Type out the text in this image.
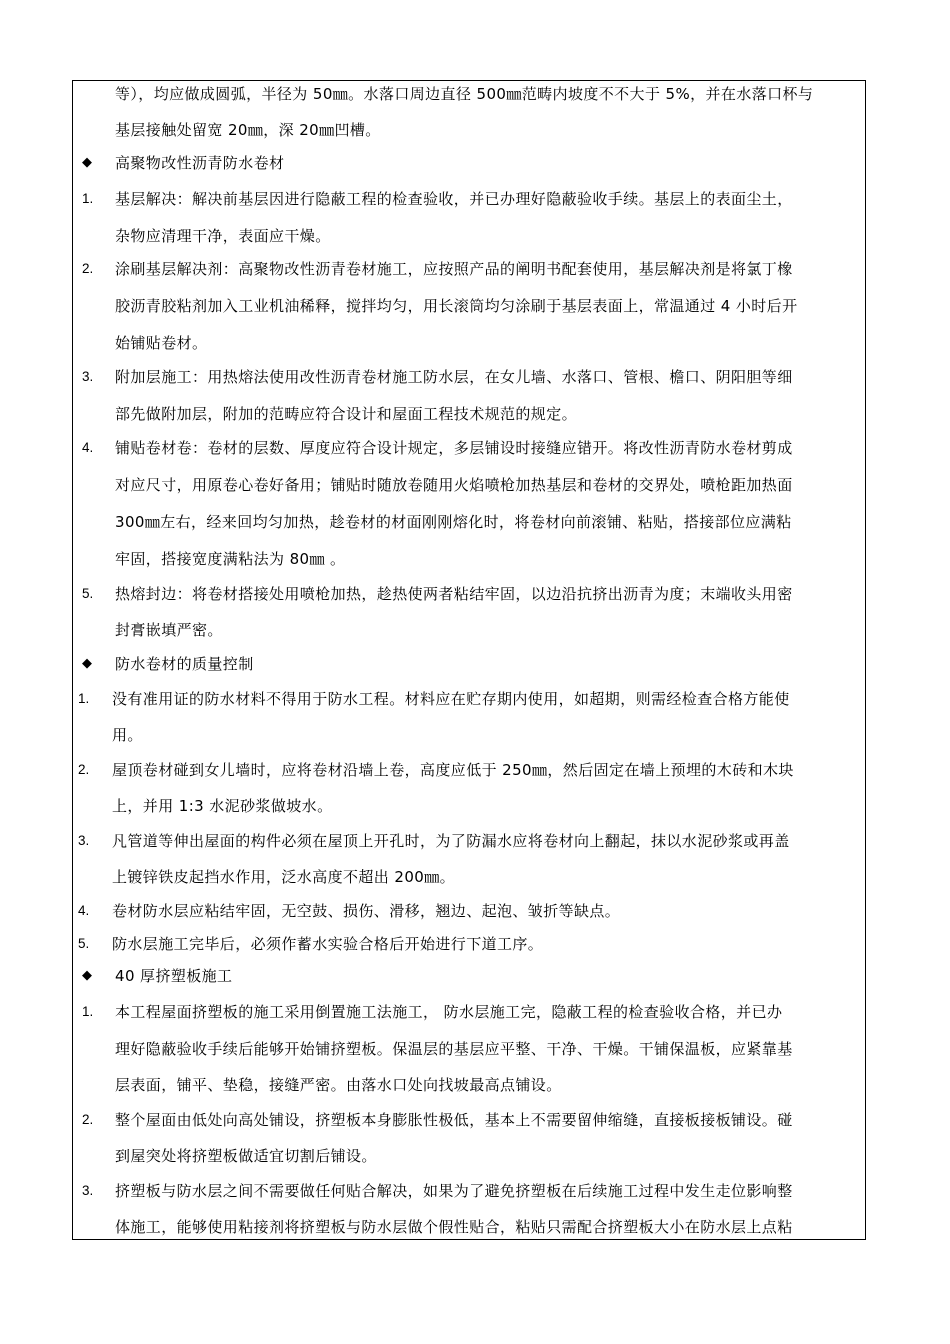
等），均应做成圆弧，半径为 50㎜。水落口周边直径 500㎜范畴内坡度不不大于 5%，并在水落口杯与
基层接触处留宽 20㎜，深 20㎜凹槽。
◆ 高聚物改性沥青防水卷材
1. 基层解决：解决前基层因进行隐蔽工程的检查验收，并已办理好隐蔽验收手续。基层上的表面尘土，
杂物应清理干净，表面应干燥。
2. 涂刷基层解决剂：高聚物改性沥青卷材施工，应按照产品的阐明书配套使用，基层解决剂是将氯丁橡
胶沥青胶粘剂加入工业机油稀释，搅拌均匀，用长滚筒均匀涂刷于基层表面上，常温通过 4 小时后开
始铺贴卷材。
3. 附加层施工：用热熔法使用改性沥青卷材施工防水层，在女儿墙、水落口、管根、檐口、阴阳胆等细
部先做附加层，附加的范畴应符合设计和屋面工程技术规范的规定。
4. 铺贴卷材卷：卷材的层数、厚度应符合设计规定，多层铺设时接缝应错开。将改性沥青防水卷材剪成
对应尺寸，用原卷心卷好备用；铺贴时随放卷随用火焰喷枪加热基层和卷材的交界处，喷枪距加热面
300㎜左右，经来回均匀加热，趁卷材的材面刚刚熔化时，将卷材向前滚铺、粘贴，搭接部位应满粘
牢固，搭接宽度满粘法为 80㎜ 。
5. 热熔封边：将卷材搭接处用喷枪加热，趁热使两者粘结牢固，以边沿抗挤出沥青为度；末端收头用密
封膏嵌填严密。
◆ 防水卷材的质量控制
1. 没有准用证的防水材料不得用于防水工程。材料应在贮存期内使用，如超期，则需经检查合格方能使
用。
2. 屋顶卷材碰到女儿墙时，应将卷材沿墙上卷，高度应低于 250㎜，然后固定在墙上预埋的木砖和木块
上，并用 1:3 水泥砂浆做坡水。
3. 凡管道等伸出屋面的构件必须在屋顶上开孔时，为了防漏水应将卷材向上翻起，抹以水泥砂浆或再盖
上镀锌铁皮起挡水作用，泛水高度不超出 200㎜。
4. 卷材防水层应粘结牢固，无空鼓、损伤、滑移，翘边、起泡、皱折等缺点。
5. 防水层施工完毕后，必须作蓄水实验合格后开始进行下道工序。
◆ 40 厚挤塑板施工
1. 本工程屋面挤塑板的施工采用倒置施工法施工， 防水层施工完，隐蔽工程的检查验收合格，并已办
理好隐蔽验收手续后能够开始铺挤塑板。保温层的基层应平整、干净、干燥。干铺保温板，应紧靠基
层表面，铺平、垫稳，接缝严密。由落水口处向找坡最高点铺设。
2. 整个屋面由低处向高处铺设，挤塑板本身膨胀性极低，基本上不需要留伸缩缝，直接板接板铺设。碰
到屋突处将挤塑板做适宜切割后铺设。
3. 挤塑板与防水层之间不需要做任何贴合解决，如果为了避免挤塑板在后续施工过程中发生走位影响整
体施工，能够使用粘接剂将挤塑板与防水层做个假性贴合，粘贴只需配合挤塑板大小在防水层上点粘
